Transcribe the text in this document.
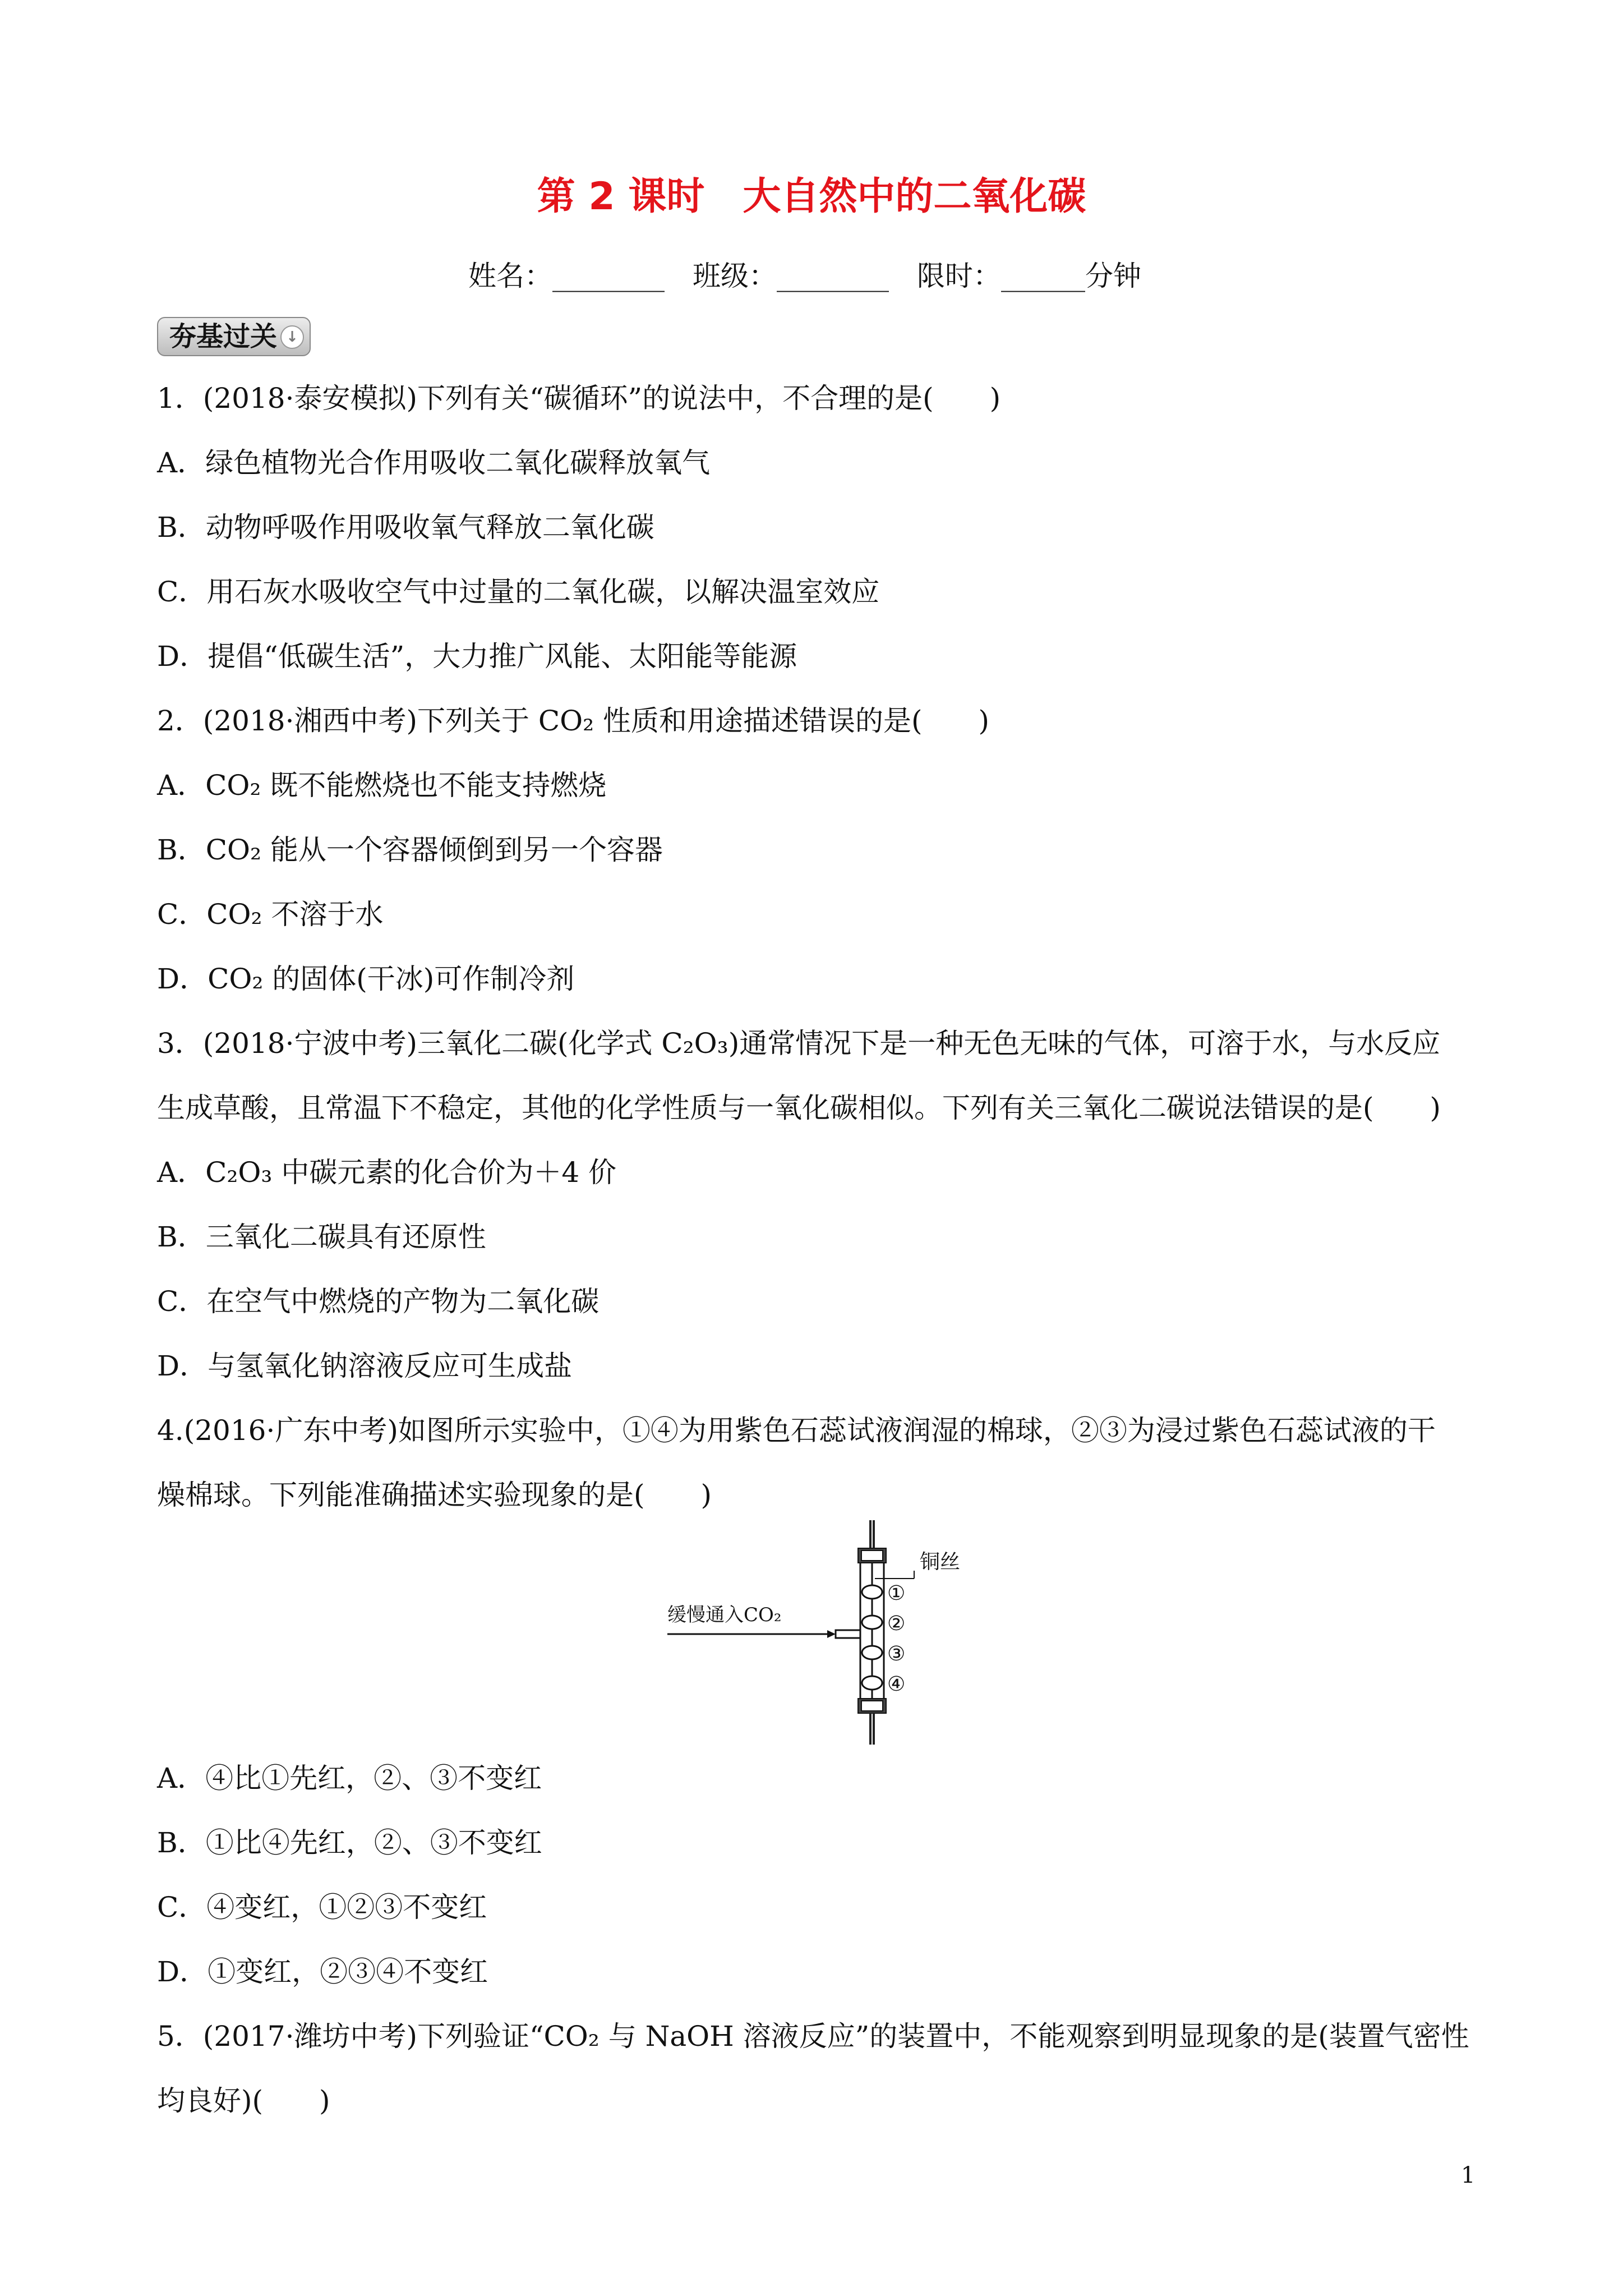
第 2 课时　大自然中的二氧化碳
姓名：________　班级：________　限时：______分钟
夯基过关 ↓
1．(2018·泰安模拟)下列有关“碳循环”的说法中，不合理的是(　　)
A．绿色植物光合作用吸收二氧化碳释放氧气
B．动物呼吸作用吸收氧气释放二氧化碳
C．用石灰水吸收空气中过量的二氧化碳，以解决温室效应
D．提倡“低碳生活”，大力推广风能、太阳能等能源
2．(2018·湘西中考)下列关于 CO₂ 性质和用途描述错误的是(　　)
A．CO₂ 既不能燃烧也不能支持燃烧
B．CO₂ 能从一个容器倾倒到另一个容器
C．CO₂ 不溶于水
D．CO₂ 的固体(干冰)可作制冷剂
3．(2018·宁波中考)三氧化二碳(化学式 C₂O₃)通常情况下是一种无色无味的气体，可溶于水，与水反应
生成草酸，且常温下不稳定，其他的化学性质与一氧化碳相似。下列有关三氧化二碳说法错误的是(　　)
A．C₂O₃ 中碳元素的化合价为＋4 价
B．三氧化二碳具有还原性
C．在空气中燃烧的产物为二氧化碳
D．与氢氧化钠溶液反应可生成盐
4.(2016·广东中考)如图所示实验中，①④为用紫色石蕊试液润湿的棉球，②③为浸过紫色石蕊试液的干
燥棉球。下列能准确描述实验现象的是(　　)
缓慢通入CO₂
铜丝
①
②
③
④
A．④比①先红，②、③不变红
B．①比④先红，②、③不变红
C．④变红，①②③不变红
D．①变红，②③④不变红
5．(2017·潍坊中考)下列验证“CO₂ 与 NaOH 溶液反应”的装置中，不能观察到明显现象的是(装置气密性
均良好)(　　)
1
